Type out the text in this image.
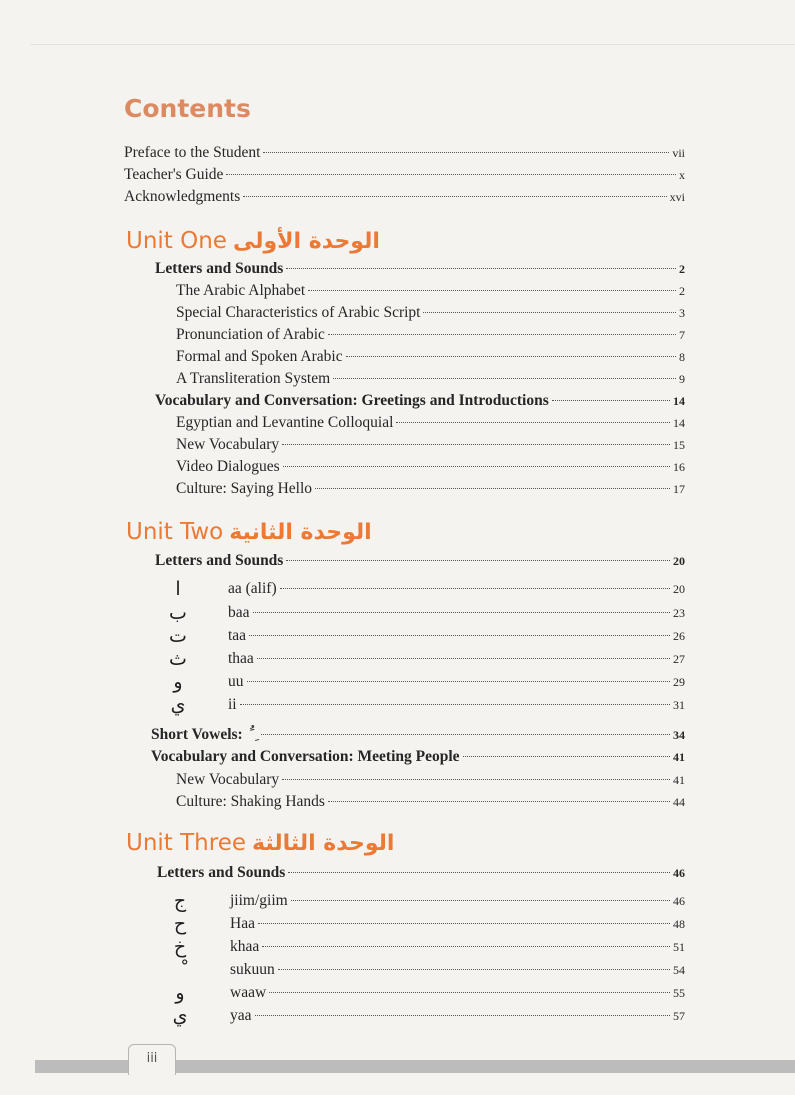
Contents
Preface to the Student	vii
Teacher's Guide	x
Acknowledgments	xvi
Unit One الوحدة الأولى
Letters and Sounds	2
The Arabic Alphabet	2
Special Characteristics of Arabic Script	3
Pronunciation of Arabic	7
Formal and Spoken Arabic	8
A Transliteration System	9
Vocabulary and Conversation: Greetings and Introductions	14
Egyptian and Levantine Colloquial	14
New Vocabulary	15
Video Dialogues	16
Culture: Saying Hello	17
Unit Two الوحدة الثانية
Letters and Sounds	20
ا	aa (alif)	20
ب	baa	23
ت	taa	26
ث	thaa	27
و	uu	29
ي	ii	31
Short Vowels: َ ُ ِ	34
Vocabulary and Conversation: Meeting People	41
New Vocabulary	41
Culture: Shaking Hands	44
Unit Three الوحدة الثالثة
Letters and Sounds	46
ج	jiim/giim	46
ح	Haa	48
خ	khaa	51
sukuun	54
و	waaw	55
ي	yaa	57
iii
